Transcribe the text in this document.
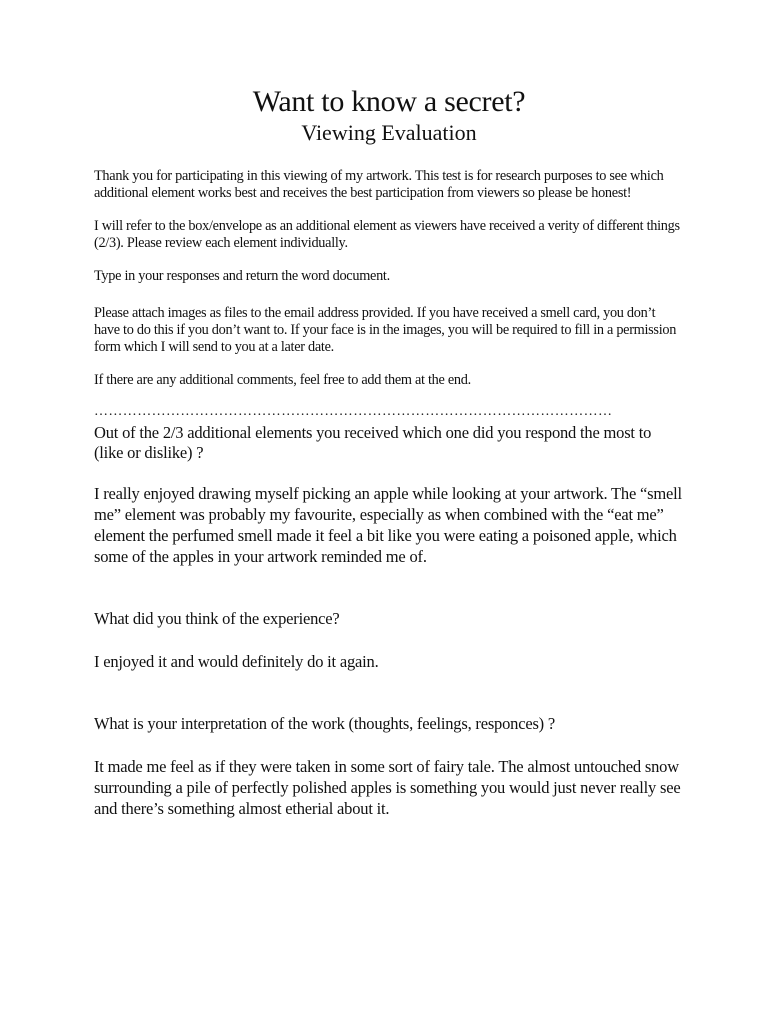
Want to know a secret?
Viewing Evaluation

Thank you for participating in this viewing of my artwork. This test is for research purposes to see which additional element works best and receives the best participation from viewers so please be honest!

I will refer to the box/envelope as an additional element as viewers have received a verity of different things (2/3). Please review each element individually.

Type in your responses and return the word document.

Please attach images as files to the email address provided. If you have received a smell card, you don’t have to do this if you don’t want to. If your face is in the images, you will be required to fill in a permission form which I will send to you at a later date.

If there are any additional comments, feel free to add them at the end.

………………………………………………………………………………………………

Out of the 2/3 additional elements you received which one did you respond the most to (like or dislike) ?

I really enjoyed drawing myself picking an apple while looking at your artwork. The “smell me” element was probably my favourite, especially as when combined with the “eat me” element the perfumed smell made it feel a bit like you were eating a poisoned apple, which some of the apples in your artwork reminded me of.

What did you think of the experience?

I enjoyed it and would definitely do it again.

What is your interpretation of the work (thoughts, feelings, responces) ?

It made me feel as if they were taken in some sort of fairy tale. The almost untouched snow surrounding a pile of perfectly polished apples is something you would just never really see and there’s something almost etherial about it.
